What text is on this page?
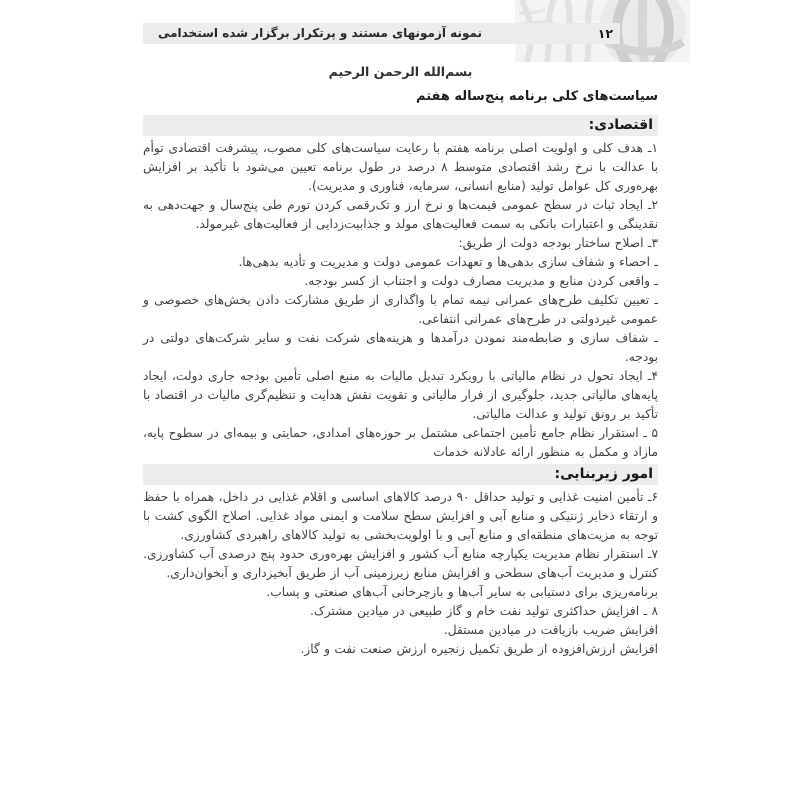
نمونه آزمونهای مستند و پرتکرار برگزار شده استخدامی	۱۲
بسم‌الله الرحمن الرحیم
سیاست‌های کلی برنامه پنج‌ساله هفتم
اقتصادی:

۱ـ هدف کلی و اولویت اصلی برنامه هفتم با رعایت سیاست‌های کلی مصوب، پیشرفت اقتصادی توأم با عدالت با نرخ رشد اقتصادی متوسط ۸ درصد در طول برنامه تعیین می‌شود با تأکید بر افزایش بهره‌وری کل عوامل تولید (منابع انسانی، سرمایه، فناوری و مدیریت).

۲ـ ایجاد ثبات در سطح عمومی قیمت‌ها و نرخ ارز و تک‌رقمی کردن تورم طی پنج‌سال و جهت‌دهی به نقدینگی و اعتبارات بانکی به سمت فعالیت‌های مولد و جذابیت‌زدایی از فعالیت‌های غیرمولد.

۳ـ اصلاح ساختار بودجه دولت از طریق:

ـ احصاء و شفاف سازی بدهی‌ها و تعهدات عمومی دولت و مدیریت و تأدیه بدهی‌ها.

ـ واقعی کردن منابع و مدیریت مصارف دولت و اجتناب از کسر بودجه.

ـ تعیین تکلیف طرح‌های عمرانی نیمه تمام با واگذاری از طریق مشارکت دادن بخش‌های خصوصی و عمومی غیردولتی در طرح‌های عمرانی انتفاعی.

ـ شفاف سازی و ضابطه‌مند نمودن درآمدها و هزینه‌های شرکت نفت و سایر شرکت‌های دولتی در بودجه.

۴ـ ایجاد تحول در نظام مالیاتی با رویکرد تبدیل مالیات به منبع اصلی تأمین بودجه جاری دولت، ایجاد پایه‌های مالیاتی جدید، جلوگیری از فرار مالیاتی و تقویت نقش هدایت و تنظیم‌گری مالیات در اقتصاد با تأکید بر رونق تولید و عدالت مالیاتی.

۵ ـ استقرار نظام جامع تأمین اجتماعی مشتمل بر حوزه‌های امدادی، حمایتی و بیمه‌ای در سطوح پایه، مازاد و مکمل به منظور ارائه عادلانه خدمات

امور زیربنایی:

۶ـ تأمین امنیت غذایی و تولید حداقل ۹۰ درصد کالاهای اساسی و اقلام غذایی در داخل، همراه با حفظ و ارتقاء ذخایر ژنتیکی و منابع آبی و افزایش سطح سلامت و ایمنی مواد غذایی. اصلاح الگوی کشت با توجه به مزیت‌های منطقه‌ای و منابع آبی و با اولویت‌بخشی به تولید کالاهای راهبردی کشاورزی.

۷ـ استقرار نظام مدیریت یکپارچه منابع آب کشور و افزایش بهره‌وری حدود پنج درصدی آب کشاورزی.

کنترل و مدیریت آب‌های سطحی و افزایش منابع زیرزمینی آب از طریق آبخیزداری و آبخوان‌داری.

برنامه‌ریزی برای دستیابی به سایر آب‌ها و بازچرخانی آب‌های صنعتی و پساب.

۸ ـ افزایش حداکثری تولید نفت خام و گاز طبیعی در میادین مشترک.

افزایش ضریب بازیافت در میادین مستقل.

افزایش ارزش‌افزوده از طریق تکمیل زنجیره ارزش صنعت نفت و گاز.
